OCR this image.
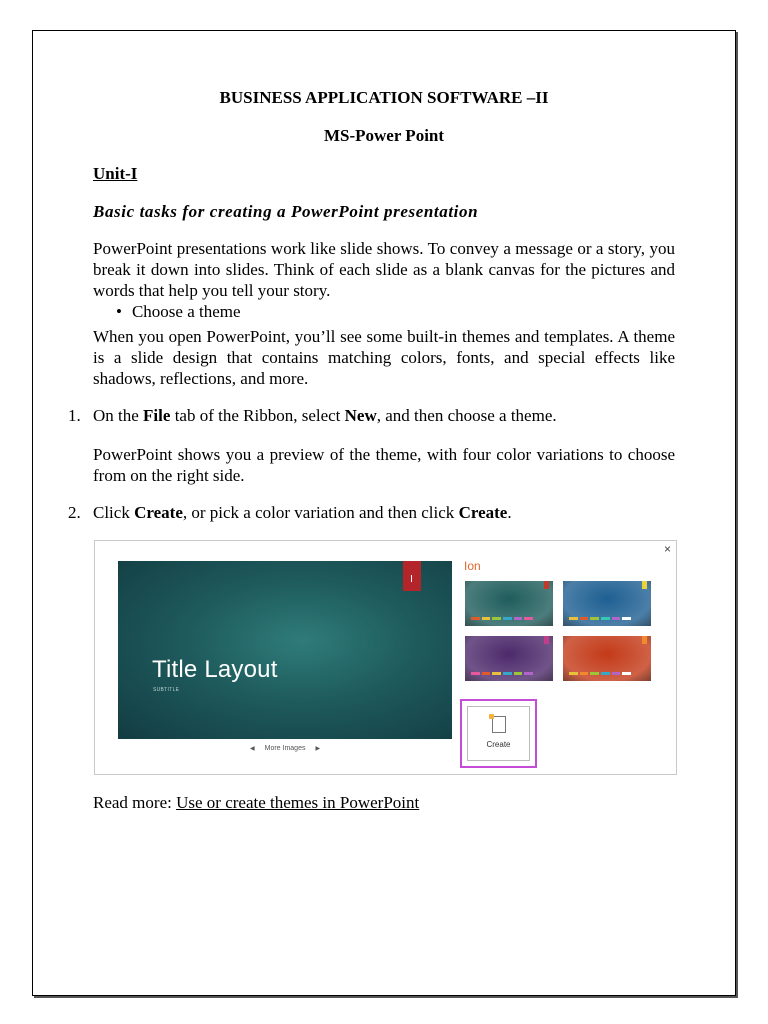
BUSINESS APPLICATION SOFTWARE –II
MS-Power Point
Unit-I
Basic tasks for creating a PowerPoint presentation

PowerPoint presentations work like slide shows. To convey a message or a story, you break it down into slides. Think of each slide as a blank canvas for the pictures and words that help you tell your story.

• Choose a theme

When you open PowerPoint, you’ll see some built-in themes and templates. A theme is a slide design that contains matching colors, fonts, and special effects like shadows, reflections, and more.

1. On the File tab of the Ribbon, select New, and then choose a theme.

PowerPoint shows you a preview of the theme, with four color variations to choose from on the right side.

2. Click Create, or pick a color variation and then click Create.
×
Title Layout
SUBTITLE
◀ More Images ▶
Ion
Create
Read more: Use or create themes in PowerPoint
